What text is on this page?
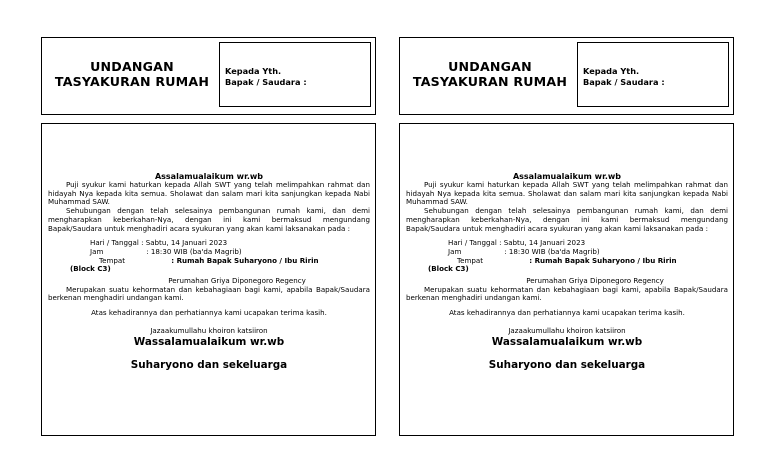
UNDANGAN TASYAKURAN RUMAH
Kepada Yth.
Bapak / Saudara :
Assalamualaikum wr.wb
Puji syukur kami haturkan kepada Allah SWT yang telah melimpahkan rahmat dan hidayah Nya kepada kita semua. Sholawat dan salam mari kita sanjungkan kepada Nabi Muhammad SAW.
Sehubungan dengan telah selesainya pembangunan rumah kami, dan demi mengharapkan keberkahan-Nya, dengan ini kami bermaksud mengundang Bapak/Saudara untuk menghadiri acara syukuran yang akan kami laksanakan pada :
Hari / Tanggal : Sabtu, 14 Januari 2023
Jam	: 18:30 WIB (ba'da Magrib)
Tempat	: Rumah Bapak Suharyono / Ibu Ririn
(Block C3)
Perumahan Griya Diponegoro Regency
Merupakan suatu kehormatan dan kebahagiaan bagi kami, apabila Bapak/Saudara berkenan menghadiri undangan kami.
Atas kehadirannya dan perhatiannya kami ucapakan terima kasih.
Jazaakumullahu khoiron katsiiron
Wassalamualaikum wr.wb
Suharyono dan sekeluarga
UNDANGAN TASYAKURAN RUMAH
Kepada Yth.
Bapak / Saudara :
Assalamualaikum wr.wb
Puji syukur kami haturkan kepada Allah SWT yang telah melimpahkan rahmat dan hidayah Nya kepada kita semua. Sholawat dan salam mari kita sanjungkan kepada Nabi Muhammad SAW.
Sehubungan dengan telah selesainya pembangunan rumah kami, dan demi mengharapkan keberkahan-Nya, dengan ini kami bermaksud mengundang Bapak/Saudara untuk menghadiri acara syukuran yang akan kami laksanakan pada :
Hari / Tanggal : Sabtu, 14 Januari 2023
Jam	: 18:30 WIB (ba'da Magrib)
Tempat	: Rumah Bapak Suharyono / Ibu Ririn
(Block C3)
Perumahan Griya Diponegoro Regency
Merupakan suatu kehormatan dan kebahagiaan bagi kami, apabila Bapak/Saudara berkenan menghadiri undangan kami.
Atas kehadirannya dan perhatiannya kami ucapakan terima kasih.
Jazaakumullahu khoiron katsiiron
Wassalamualaikum wr.wb
Suharyono dan sekeluarga
